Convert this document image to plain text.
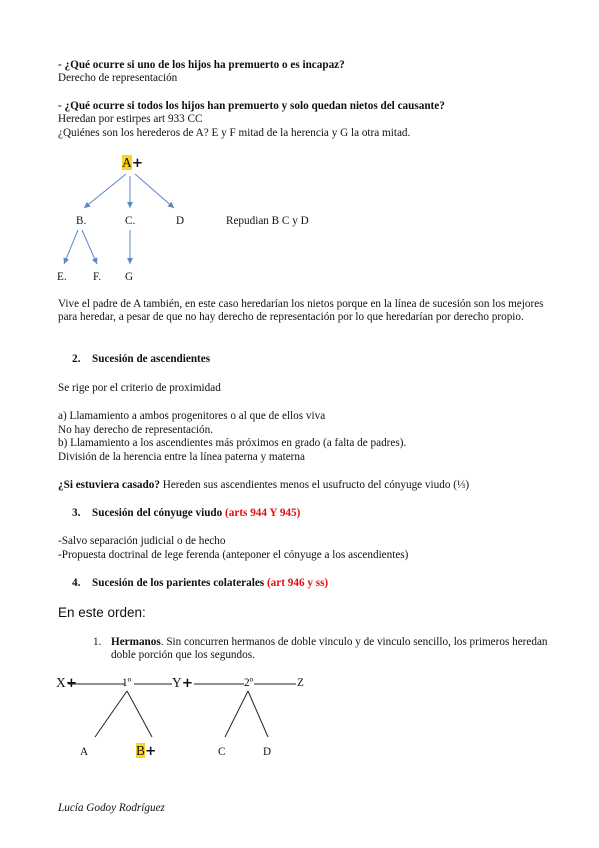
- ¿Qué ocurre si uno de los hijos ha premuerto o es incapaz?
Derecho de representación
- ¿Qué ocurre si todos los hijos han premuerto y solo quedan nietos del causante?
Heredan por estirpes art 933 CC
¿Quiénes son los herederos de A? E y F mitad de la herencia y G la otra mitad.
A+
B.	C.	D	Repudian B C y D
E. F. G
Vive el padre de A también, en este caso heredarían los nietos porque en la línea de sucesión son los mejores para heredar, a pesar de que no hay derecho de representación por lo que heredarían por derecho propio.
2. Sucesión de ascendientes
Se rige por el criterio de proximidad
a) Llamamiento a ambos progenitores o al que de ellos viva
No hay derecho de representación.
b) Llamamiento a los ascendientes más próximos en grado (a falta de padres).
División de la herencia entre la línea paterna y materna
¿Si estuviera casado? Hereden sus ascendientes menos el usufructo del cónyuge viudo (⅓)
3. Sucesión del cónyuge viudo (arts 944 Y 945)
-Salvo separación judicial o de hecho
-Propuesta doctrinal de lege ferenda (anteponer el cónyuge a los ascendientes)
4. Sucesión de los parientes colaterales (art 946 y ss)
En este orden:
1. Hermanos. Sin concurren hermanos de doble vinculo y de vinculo sencillo, los primeros heredan doble porción que los segundos.
X+	1º	Y+	2º	Z
A	B+	C	D
Lucía Godoy Rodríguez
